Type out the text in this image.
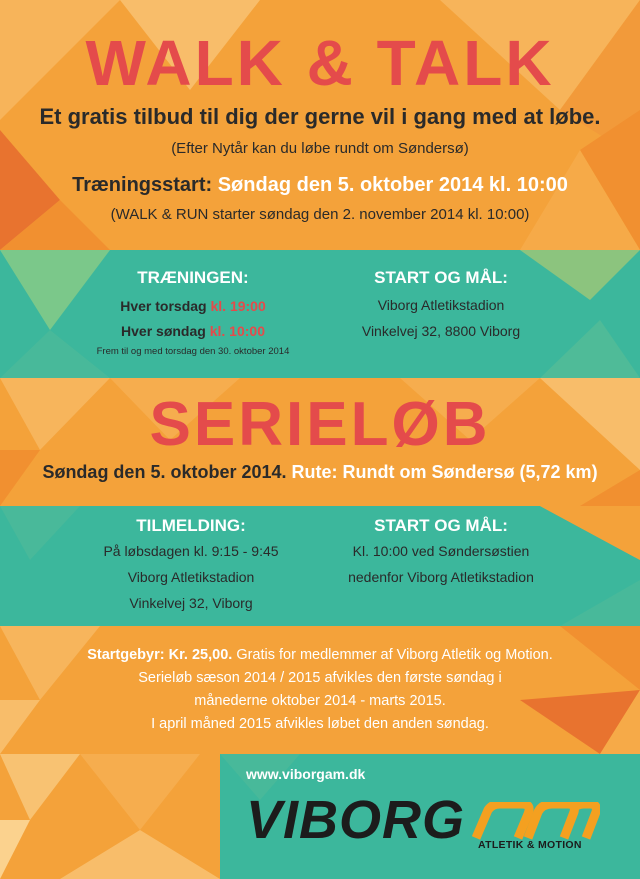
WALK & TALK
Et gratis tilbud til dig der gerne vil i gang med at løbe.
(Efter Nytår kan du løbe rundt om Søndersø)
Træningsstart: Søndag den 5. oktober 2014 kl. 10:00
(WALK & RUN starter søndag den 2. november 2014 kl. 10:00)
TRÆNINGEN:
Hver torsdag kl. 19:00
Hver søndag kl. 10:00
Frem til og med torsdag den 30. oktober 2014
START OG MÅL:
Viborg Atletikstadion
Vinkelvej 32, 8800 Viborg
SERIELØB
Søndag den 5. oktober 2014. Rute: Rundt om Søndersø (5,72 km)
TILMELDING:
På løbsdagen kl. 9:15 - 9:45
Viborg Atletikstadion
Vinkelvej 32, Viborg
START OG MÅL:
Kl. 10:00 ved Søndersøstien
nedenfor Viborg Atletikstadion
Startgebyr: Kr. 25,00. Gratis for medlemmer af Viborg Atletik og Motion.
Serieløb sæson 2014 / 2015 afvikles den første søndag i
månederne oktober 2014 - marts 2015.
I april måned 2015 afvikles løbet den anden søndag.
www.viborgam.dk
VIBORG ATLETIK & MOTION
